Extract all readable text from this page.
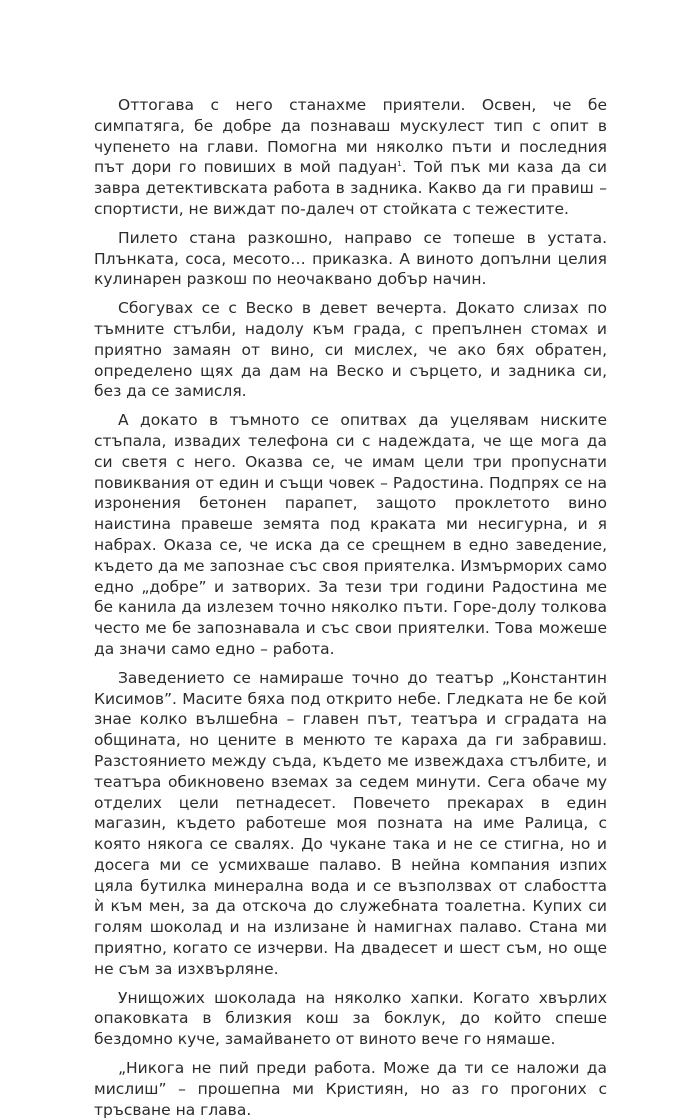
Оттогава с него станахме приятели. Освен, че бе симпатяга, бе добре да познаваш мускулест тип с опит в чупенето на глави. Помогна ми няколко пъти и последния път дори го повиших в мой падуан$^1$. Той пък ми каза да си завра детективската работа в задника. Какво да ги правиш – спортисти, не виждат по-далеч от стойката с тежестите.

Пилето стана разкошно, направо се топеше в устата. Плънката, соса, месото… приказка. А виното допълни целия кулинарен разкош по неочаквано добър начин.

Сбогувах се с Веско в девет вечерта. Докато слизах по тъмните стълби, надолу към града, с препълнен стомах и приятно замаян от вино, си мислех, че ако бях обратен, определено щях да дам на Веско и сърцето, и задника си, без да се замисля.

А докато в тъмното се опитвах да уцелявам ниските стъпала, извадих телефона си с надеждата, че ще мога да си светя с него. Оказва се, че имам цели три пропуснати повиквания от един и същи човек – Радостина. Подпрях се на изронения бетонен парапет, защото проклетото вино наистина правеше земята под краката ми несигурна, и я набрах. Оказа се, че иска да се срещнем в едно заведение, където да ме запознае със своя приятелка. Измърморих само едно „добре” и затворих. За тези три години Радостина ме бе канила да излезем точно няколко пъти. Горе-долу толкова често ме бе запознавала и със свои приятелки. Това можеше да значи само едно – работа.

Заведението се намираше точно до театър „Константин Кисимов”. Масите бяха под открито небе. Гледката не бе кой знае колко вълшебна – главен път, театъра и сградата на общината, но цените в менюто те караха да ги забравиш. Разстоянието между съда, където ме извеждаха стълбите, и театъра обикновено вземах за седем минути. Сега обаче му отделих цели петнадесет. Повечето прекарах в един магазин, където работеше моя позната на име Ралица, с която някога се свалях. До чукане така и не се стигна, но и досега ми се усмихваше палаво. В нейна компания изпих цяла бутилка минерална вода и се възползвах от слабостта ѝ към мен, за да отскоча до служебната тоалетна. Купих си голям шоколад и на излизане ѝ намигнах палаво. Стана ми приятно, когато се изчерви. На двадесет и шест съм, но още не съм за изхвърляне.

Унищожих шоколада на няколко хапки. Когато хвърлих опаковката в близкия кош за боклук, до който спеше бездомно куче, замайването от виното вече го нямаше.

„Никога не пий преди работа. Може да ти се наложи да мислиш” – прошепна ми Кристиян, но аз го прогоних с тръсване на глава.
